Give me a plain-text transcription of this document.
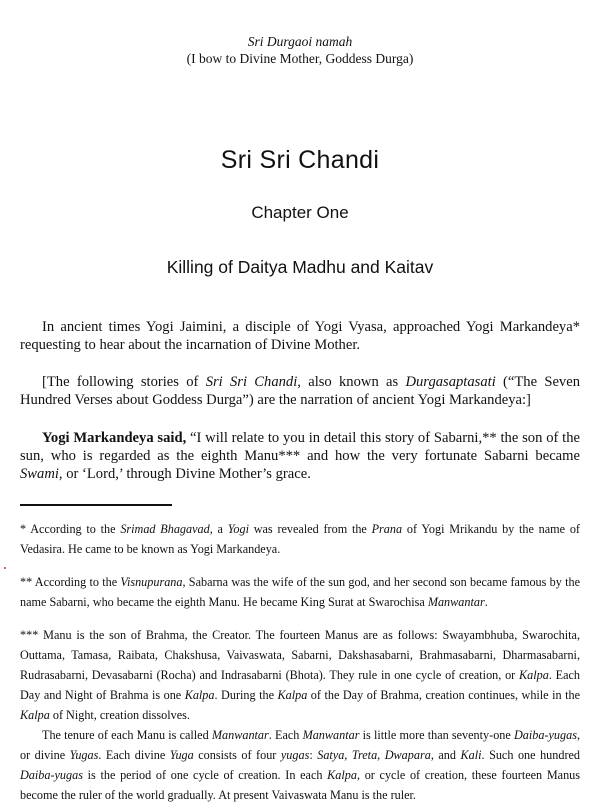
Sri Durgaoi namah
(I bow to Divine Mother, Goddess Durga)
Sri Sri Chandi
Chapter One
Killing of Daitya Madhu and Kaitav

In ancient times Yogi Jaimini, a disciple of Yogi Vyasa, approached Yogi Markandeya* requesting to hear about the incarnation of Divine Mother.

[The following stories of Sri Sri Chandi, also known as Durgasaptasati (“The Seven Hundred Verses about Goddess Durga”) are the narration of ancient Yogi Markandeya:]

Yogi Markandeya said, “I will relate to you in detail this story of Sabarni,** the son of the sun, who is regarded as the eighth Manu*** and how the very fortunate Sabarni became Swami, or ‘Lord,’ through Divine Mother’s grace.

* According to the Srimad Bhagavad, a Yogi was revealed from the Prana of Yogi Mrikandu by the name of Vedasira. He came to be known as Yogi Markandeya.

** According to the Visnupurana, Sabarna was the wife of the sun god, and her second son became famous by the name Sabarni, who became the eighth Manu. He became King Surat at Swarochisa Manwantar.

*** Manu is the son of Brahma, the Creator. The fourteen Manus are as follows: Swayambhuba, Swarochita, Outtama, Tamasa, Raibata, Chakshusa, Vaivaswata, Sabarni, Dakshasabarni, Brahmasabarni, Dharmasabarni, Rudrasabarni, Devasabarni (Rocha) and Indrasabarni (Bhota). They rule in one cycle of creation, or Kalpa. Each Day and Night of Brahma is one Kalpa. During the Kalpa of the Day of Brahma, creation continues, while in the Kalpa of Night, creation dissolves.

The tenure of each Manu is called Manwantar. Each Manwantar is little more than seventy-one Daiba-yugas, or divine Yugas. Each divine Yuga consists of four yugas: Satya, Treta, Dwapara, and Kali. Such one hundred Daiba-yugas is the period of one cycle of creation. In each Kalpa, or cycle of creation, these fourteen Manus become the ruler of the world gradually. At present Vaivaswata Manu is the ruler.
